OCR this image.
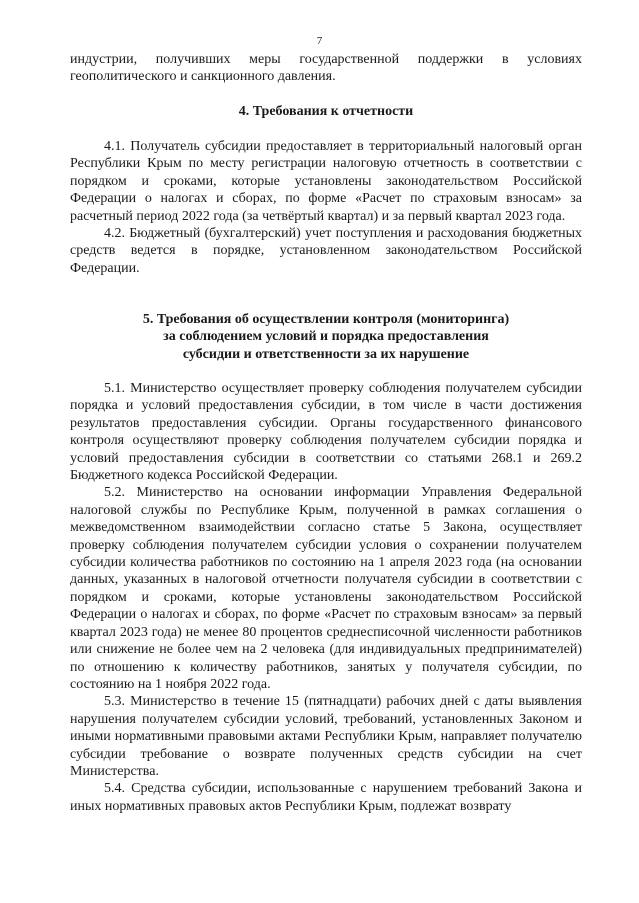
7

индустрии, получивших меры государственной поддержки в условиях геополитического и санкционного давления.

4. Требования к отчетности

4.1. Получатель субсидии предоставляет в территориальный налоговый орган Республики Крым по месту регистрации налоговую отчетность в соответствии с порядком и сроками, которые установлены законодательством Российской Федерации о налогах и сборах, по форме «Расчет по страховым взносам» за расчетный период 2022 года (за четвёртый квартал) и за первый квартал 2023 года.

4.2. Бюджетный (бухгалтерский) учет поступления и расходования бюджетных средств ведется в порядке, установленном законодательством Российской Федерации.

5. Требования об осуществлении контроля (мониторинга)
за соблюдением условий и порядка предоставления
субсидии и ответственности за их нарушение

5.1. Министерство осуществляет проверку соблюдения получателем субсидии порядка и условий предоставления субсидии, в том числе в части достижения результатов предоставления субсидии. Органы государственного финансового контроля осуществляют проверку соблюдения получателем субсидии порядка и условий предоставления субсидии в соответствии со статьями 268.1 и 269.2 Бюджетного кодекса Российской Федерации.

5.2. Министерство на основании информации Управления Федеральной налоговой службы по Республике Крым, полученной в рамках соглашения о межведомственном взаимодействии согласно статье 5 Закона, осуществляет проверку соблюдения получателем субсидии условия о сохранении получателем субсидии количества работников по состоянию на 1 апреля 2023 года (на основании данных, указанных в налоговой отчетности получателя субсидии в соответствии с порядком и сроками, которые установлены законодательством Российской Федерации о налогах и сборах, по форме «Расчет по страховым взносам» за первый квартал 2023 года) не менее 80 процентов среднесписочной численности работников или снижение не более чем на 2 человека (для индивидуальных предпринимателей) по отношению к количеству работников, занятых у получателя субсидии, по состоянию на 1 ноября 2022 года.

5.3. Министерство в течение 15 (пятнадцати) рабочих дней с даты выявления нарушения получателем субсидии условий, требований, установленных Законом и иными нормативными правовыми актами Республики Крым, направляет получателю субсидии требование о возврате полученных средств субсидии на счет Министерства.

5.4. Средства субсидии, использованные с нарушением требований Закона и иных нормативных правовых актов Республики Крым, подлежат возврату
